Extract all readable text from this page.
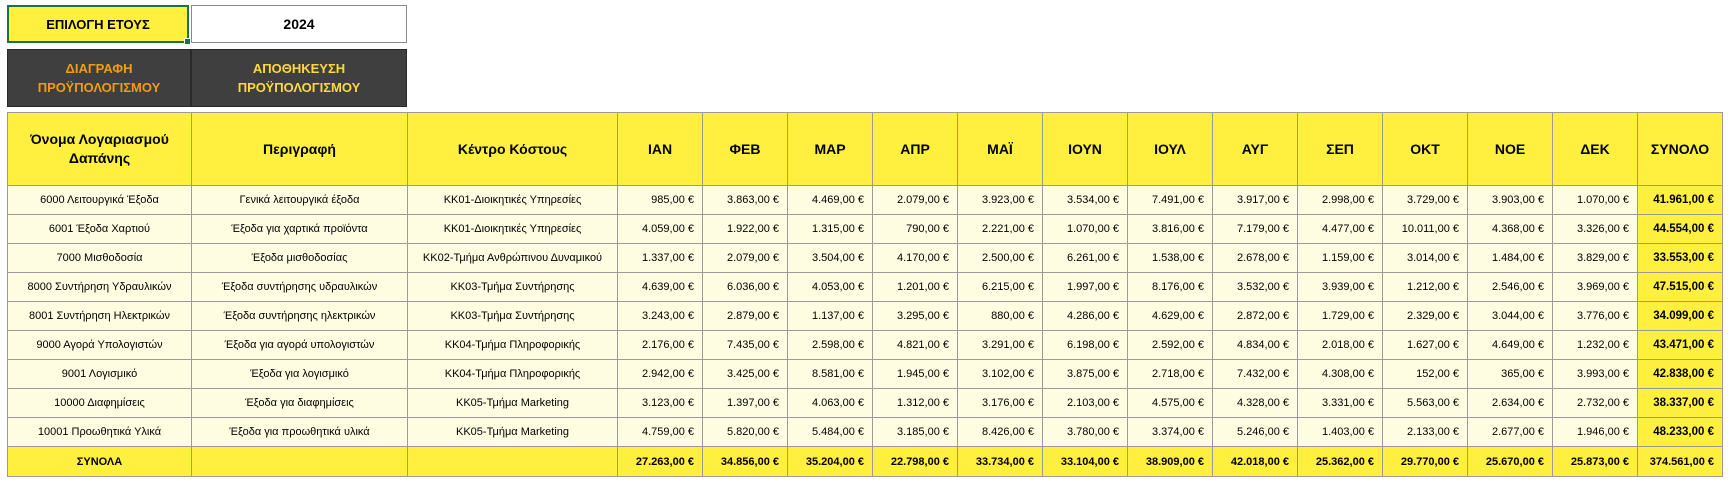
ΕΠΙΛΟΓΗ ΕΤΟΥΣ	2024
ΔΙΑΓΡΑΦΗ
ΠΡΟΫΠΟΛΟΓΙΣΜΟΥ
ΑΠΟΘΗΚΕΥΣΗ
ΠΡΟΫΠΟΛΟΓΙΣΜΟΥ
Όνομα Λογαριασμού Δαπάνης	Περιγραφή	Κέντρο Κόστους	ΙΑΝ	ΦΕΒ	ΜΑΡ	ΑΠΡ	ΜΑΪ	ΙΟΥΝ	ΙΟΥΛ	ΑΥΓ	ΣΕΠ	ΟΚΤ	ΝΟΕ	ΔΕΚ	ΣΥΝΟΛΟ
6000 Λειτουργικά Έξοδα	Γενικά λειτουργικά έξοδα	ΚΚ01-Διοικητικές Υπηρεσίες	985,00 €	3.863,00 €	4.469,00 €	2.079,00 €	3.923,00 €	3.534,00 €	7.491,00 €	3.917,00 €	2.998,00 €	3.729,00 €	3.903,00 €	1.070,00 €	41.961,00 €
6001 Έξοδα Χαρτιού	Έξοδα για χαρτικά προϊόντα	ΚΚ01-Διοικητικές Υπηρεσίες	4.059,00 €	1.922,00 €	1.315,00 €	790,00 €	2.221,00 €	1.070,00 €	3.816,00 €	7.179,00 €	4.477,00 €	10.011,00 €	4.368,00 €	3.326,00 €	44.554,00 €
7000 Μισθοδοσία	Έξοδα μισθοδοσίας	ΚΚ02-Τμήμα Ανθρώπινου Δυναμικού	1.337,00 €	2.079,00 €	3.504,00 €	4.170,00 €	2.500,00 €	6.261,00 €	1.538,00 €	2.678,00 €	1.159,00 €	3.014,00 €	1.484,00 €	3.829,00 €	33.553,00 €
8000 Συντήρηση Υδραυλικών	Έξοδα συντήρησης υδραυλικών	ΚΚ03-Τμήμα Συντήρησης	4.639,00 €	6.036,00 €	4.053,00 €	1.201,00 €	6.215,00 €	1.997,00 €	8.176,00 €	3.532,00 €	3.939,00 €	1.212,00 €	2.546,00 €	3.969,00 €	47.515,00 €
8001 Συντήρηση Ηλεκτρικών	Έξοδα συντήρησης ηλεκτρικών	ΚΚ03-Τμήμα Συντήρησης	3.243,00 €	2.879,00 €	1.137,00 €	3.295,00 €	880,00 €	4.286,00 €	4.629,00 €	2.872,00 €	1.729,00 €	2.329,00 €	3.044,00 €	3.776,00 €	34.099,00 €
9000 Αγορά Υπολογιστών	Έξοδα για αγορά υπολογιστών	ΚΚ04-Τμήμα Πληροφορικής	2.176,00 €	7.435,00 €	2.598,00 €	4.821,00 €	3.291,00 €	6.198,00 €	2.592,00 €	4.834,00 €	2.018,00 €	1.627,00 €	4.649,00 €	1.232,00 €	43.471,00 €
9001 Λογισμικό	Έξοδα για λογισμικό	ΚΚ04-Τμήμα Πληροφορικής	2.942,00 €	3.425,00 €	8.581,00 €	1.945,00 €	3.102,00 €	3.875,00 €	2.718,00 €	7.432,00 €	4.308,00 €	152,00 €	365,00 €	3.993,00 €	42.838,00 €
10000 Διαφημίσεις	Έξοδα για διαφημίσεις	ΚΚ05-Τμήμα Marketing	3.123,00 €	1.397,00 €	4.063,00 €	1.312,00 €	3.176,00 €	2.103,00 €	4.575,00 €	4.328,00 €	3.331,00 €	5.563,00 €	2.634,00 €	2.732,00 €	38.337,00 €
10001 Προωθητικά Υλικά	Έξοδα για προωθητικά υλικά	ΚΚ05-Τμήμα Marketing	4.759,00 €	5.820,00 €	5.484,00 €	3.185,00 €	8.426,00 €	3.780,00 €	3.374,00 €	5.246,00 €	1.403,00 €	2.133,00 €	2.677,00 €	1.946,00 €	48.233,00 €
ΣΥΝΟΛΑ			27.263,00 €	34.856,00 €	35.204,00 €	22.798,00 €	33.734,00 €	33.104,00 €	38.909,00 €	42.018,00 €	25.362,00 €	29.770,00 €	25.670,00 €	25.873,00 €	374.561,00 €
